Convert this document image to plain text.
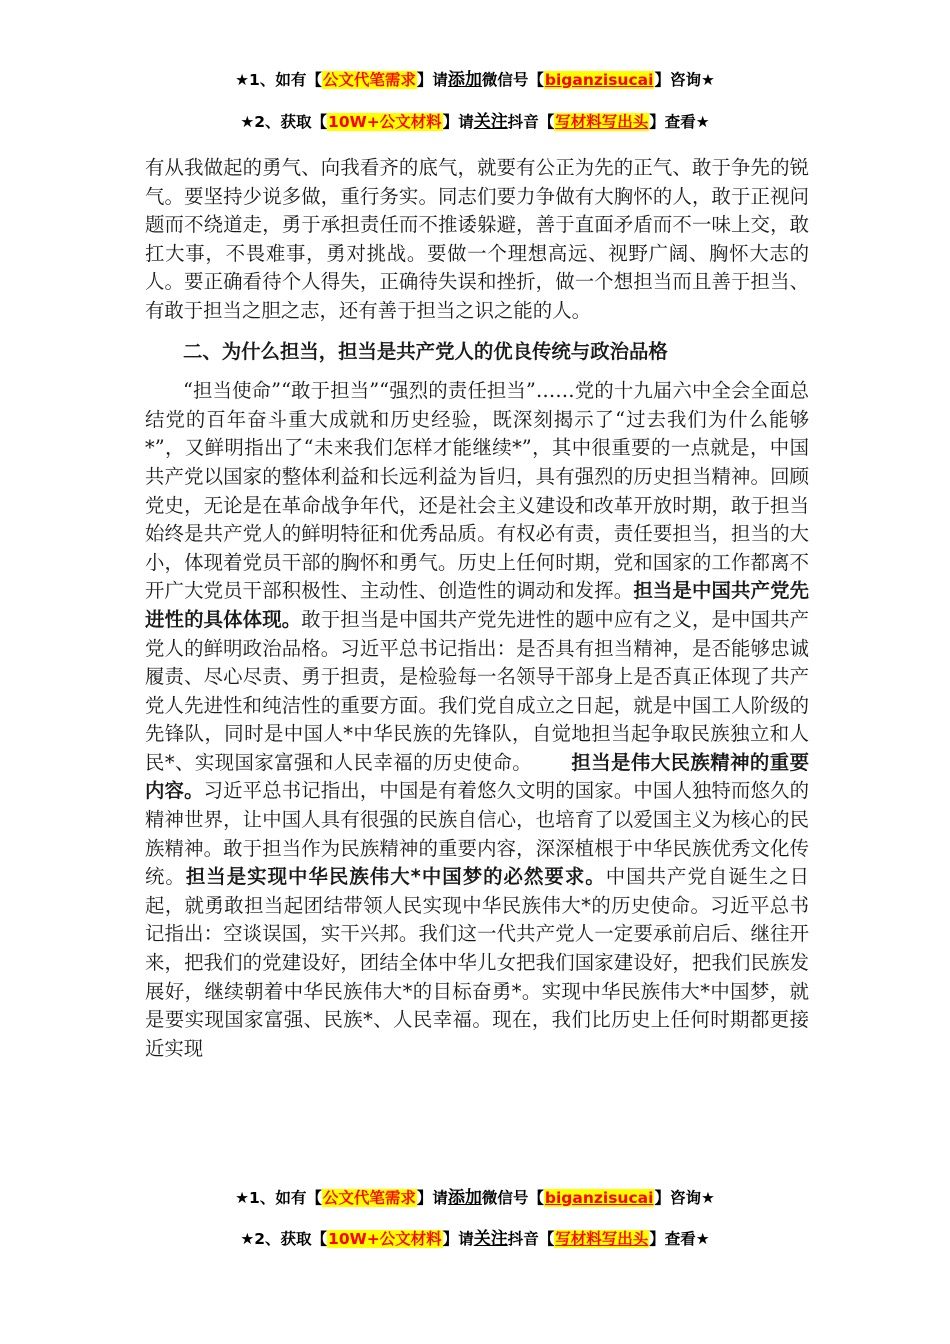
★1、如有【公文代笔需求】请添加微信号【biganzisucai】咨询★
★2、获取【10W+公文材料】请关注抖音【写材料写出头】查看★

有从我做起的勇气、向我看齐的底气，就要有公正为先的正气、敢于争先的锐气。要坚持少说多做，重行务实。同志们要力争做有大胸怀的人，敢于正视问题而不绕道走，勇于承担责任而不推诿躲避，善于直面矛盾而不一味上交，敢扛大事，不畏难事，勇对挑战。要做一个理想高远、视野广阔、胸怀大志的人。要正确看待个人得失，正确待失误和挫折，做一个想担当而且善于担当、有敢于担当之胆之志，还有善于担当之识之能的人。

二、为什么担当，担当是共产党人的优良传统与政治品格

“担当使命”“敢于担当”“强烈的责任担当”……党的十九届六中全会全面总结党的百年奋斗重大成就和历史经验，既深刻揭示了“过去我们为什么能够*”，又鲜明指出了“未来我们怎样才能继续*”，其中很重要的一点就是，中国共产党以国家的整体利益和长远利益为旨归，具有强烈的历史担当精神。回顾党史，无论是在革命战争年代，还是社会主义建设和改革开放时期，敢于担当始终是共产党人的鲜明特征和优秀品质。有权必有责，责任要担当，担当的大小，体现着党员干部的胸怀和勇气。历史上任何时期，党和国家的工作都离不开广大党员干部积极性、主动性、创造性的调动和发挥。担当是中国共产党先进性的具体体现。敢于担当是中国共产党先进性的题中应有之义，是中国共产党人的鲜明政治品格。习近平总书记指出：是否具有担当精神，是否能够忠诚履责、尽心尽责、勇于担责，是检验每一名领导干部身上是否真正体现了共产党人先进性和纯洁性的重要方面。我们党自成立之日起，就是中国工人阶级的先锋队，同时是中国人*中华民族的先锋队，自觉地担当起争取民族独立和人民*、实现国家富强和人民幸福的历史使命。   担当是伟大民族精神的重要内容。习近平总书记指出，中国是有着悠久文明的国家。中国人独特而悠久的精神世界，让中国人具有很强的民族自信心，也培育了以爱国主义为核心的民族精神。敢于担当作为民族精神的重要内容，深深植根于中华民族优秀文化传统。担当是实现中华民族伟大*中国梦的必然要求。中国共产党自诞生之日起，就勇敢担当起团结带领人民实现中华民族伟大*的历史使命。习近平总书记指出：空谈误国，实干兴邦。我们这一代共产党人一定要承前启后、继往开来，把我们的党建设好，团结全体中华儿女把我们国家建设好，把我们民族发展好，继续朝着中华民族伟大*的目标奋勇*。实现中华民族伟大*中国梦，就是要实现国家富强、民族*、人民幸福。现在，我们比历史上任何时期都更接近实现

★1、如有【公文代笔需求】请添加微信号【biganzisucai】咨询★
★2、获取【10W+公文材料】请关注抖音【写材料写出头】查看★
